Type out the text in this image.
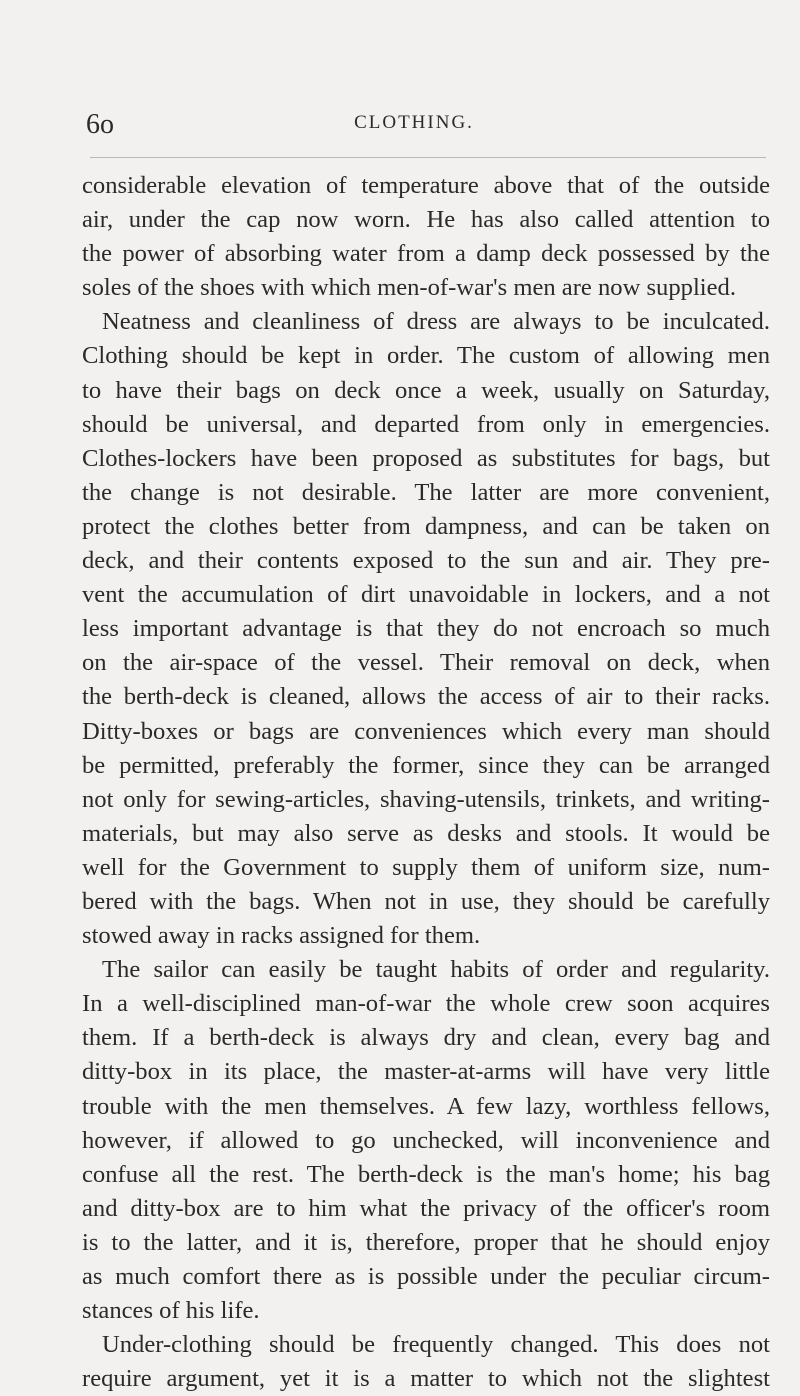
6o	CLOTHING.
considerable elevation of temperature above that of the outside
air, under the cap now worn. He has also called attention to
the power of absorbing water from a damp deck possessed by the
soles of the shoes with which men-of-war's men are now supplied.
Neatness and cleanliness of dress are always to be inculcated.
Clothing should be kept in order. The custom of allowing men
to have their bags on deck once a week, usually on Saturday,
should be universal, and departed from only in emergencies.
Clothes-lockers have been proposed as substitutes for bags, but
the change is not desirable. The latter are more convenient,
protect the clothes better from dampness, and can be taken on
deck, and their contents exposed to the sun and air. They pre-
vent the accumulation of dirt unavoidable in lockers, and a not
less important advantage is that they do not encroach so much
on the air-space of the vessel. Their removal on deck, when
the berth-deck is cleaned, allows the access of air to their racks.
Ditty-boxes or bags are conveniences which every man should
be permitted, preferably the former, since they can be arranged
not only for sewing-articles, shaving-utensils, trinkets, and writing-
materials, but may also serve as desks and stools. It would be
well for the Government to supply them of uniform size, num-
bered with the bags. When not in use, they should be carefully
stowed away in racks assigned for them.
The sailor can easily be taught habits of order and regularity.
In a well-disciplined man-of-war the whole crew soon acquires
them. If a berth-deck is always dry and clean, every bag and
ditty-box in its place, the master-at-arms will have very little
trouble with the men themselves. A few lazy, worthless fellows,
however, if allowed to go unchecked, will inconvenience and
confuse all the rest. The berth-deck is the man's home; his bag
and ditty-box are to him what the privacy of the officer's room
is to the latter, and it is, therefore, proper that he should enjoy
as much comfort there as is possible under the peculiar circum-
stances of his life.
Under-clothing should be frequently changed. This does not
require argument, yet it is a matter to which not the slightest
